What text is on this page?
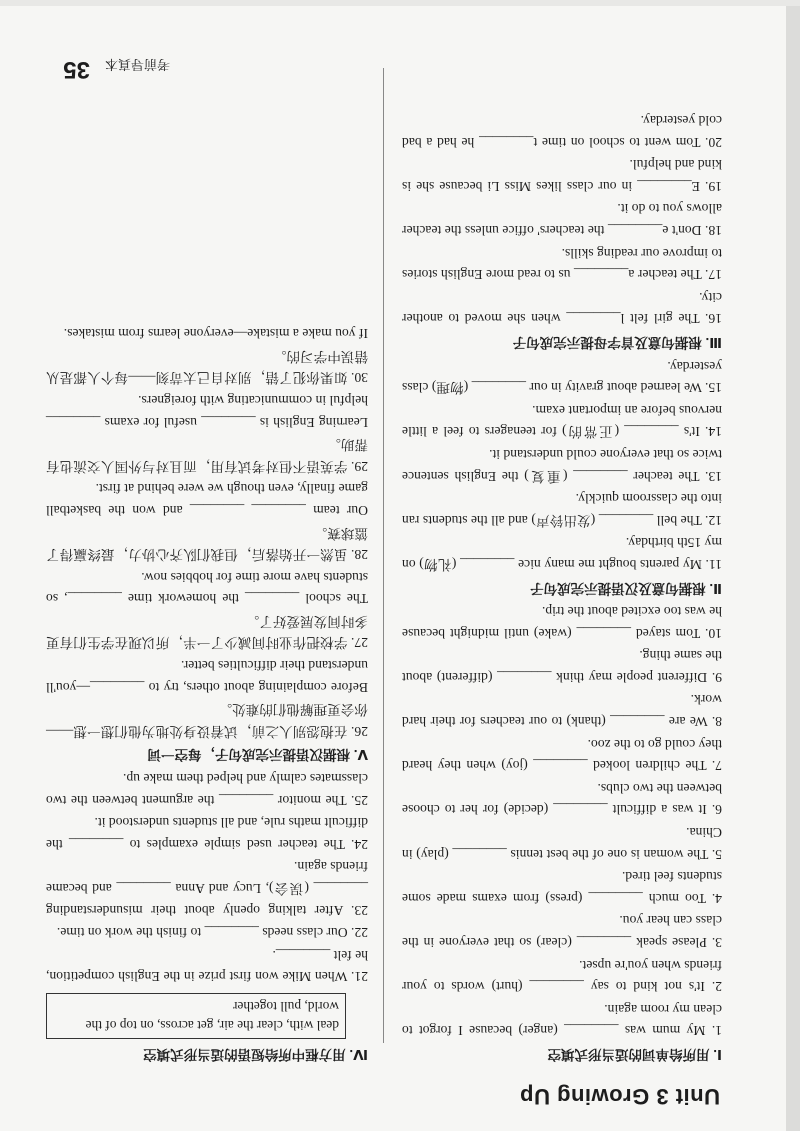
Unit 3 Growing Up
Ⅰ. 用所给单词的适当形式填空
1. My mum was ________ (anger) because I forgot to clean my room again.
2. It's not kind to say ________ (hurt) words to your friends when you're upset.
3. Please speak ________ (clear) so that everyone in the class can hear you.
4. Too much ________ (press) from exams made some students feel tired.
5. The woman is one of the best tennis ________ (play) in China.
6. It was a difficult ________ (decide) for her to choose between the two clubs.
7. The children looked ________ (joy) when they heard they could go to the zoo.
8. We are ________ (thank) to our teachers for their hard work.
9. Different people may think ________ (different) about the same thing.
10. Tom stayed ________ (wake) until midnight because he was too excited about the trip.
Ⅱ. 根据句意及汉语提示完成句子
11. My parents bought me many nice ________ (礼物) on my 15th birthday.
12. The bell ________ (发出铃声) and all the students ran into the classroom quickly.
13. The teacher ________ (重复) the English sentence twice so that everyone could understand it.
14. It's ________ (正常的) for teenagers to feel a little nervous before an important exam.
15. We learned about gravity in our ________ (物理) class yesterday.
Ⅲ. 根据句意及首字母提示完成句子
16. The girl felt l________ when she moved to another city.
17. The teacher a________ us to read more English stories to improve our reading skills.
18. Don't e________ the teachers' office unless the teacher allows you to do it.
19. E________ in our class likes Miss Li because she is kind and helpful.
20. Tom went to school on time t________ he had a bad cold yesterday.
Ⅳ. 用方框中所给短语的适当形式填空
deal with, clear the air, get across, on top of the world, pull together
21. When Mike won first prize in the English competition, he felt ________.
22. Our class needs ________ to finish the work on time.
23. After talking openly about their misunderstanding ________ (误会), Lucy and Anna ________ and became friends again.
24. The teacher used simple examples to ________ the difficult maths rule, and all students understood it.
25. The monitor ________ the argument between the two classmates calmly and helped them make up.
Ⅴ. 根据汉语提示完成句子，每空一词
26. 在抱怨别人之前，试着设身处地为他们想一想——你会更理解他们的难处。
Before complaining about others, try to ________—you'll understand their difficulties better.
27. 学校把作业时间减少了一半，所以现在学生们有更多时间发展爱好了。
The school ________ the homework time ________, so students have more time for hobbies now.
28. 虽然一开始落后，但我们队齐心协力，最终赢得了篮球赛。
Our team ________ ________ and won the basketball game finally, even though we were behind at first.
29. 学英语不但对考试有用，而且对与外国人交流也有帮助。
Learning English is ________ useful for exams ________ helpful in communicating with foreigners.
30. 如果你犯了错，别对自己太苛刻——每个人都是从错误中学习的。
If you make a mistake—everyone learns from mistakes.
考前导真本
35
